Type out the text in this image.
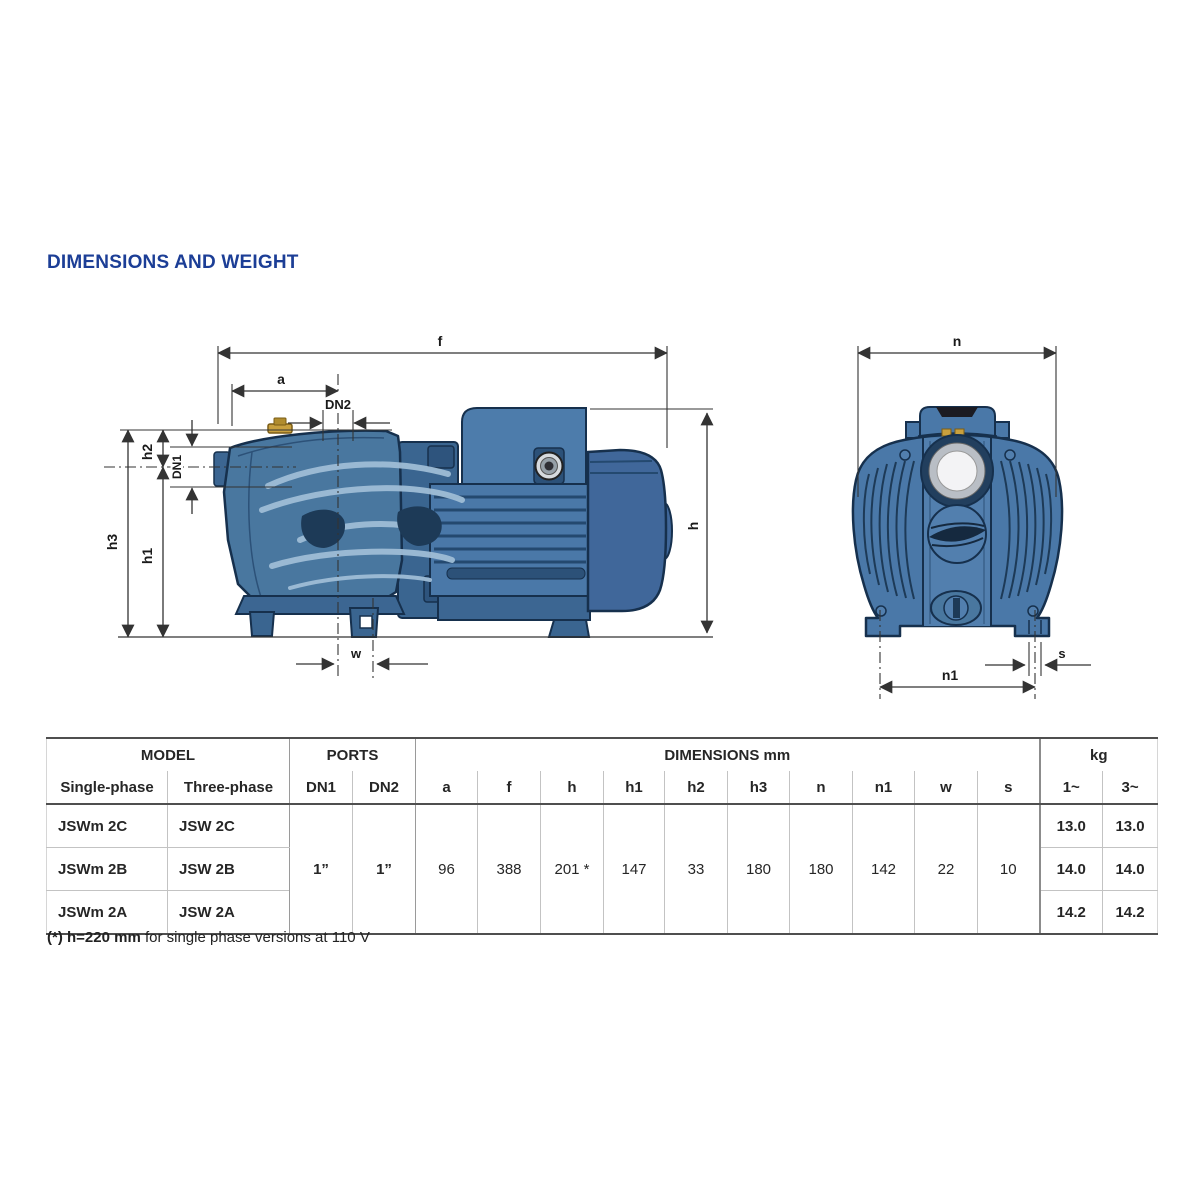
DIMENSIONS AND WEIGHT
f
a
DN2
DN1
h2
h1
h3
w
h
n
n1
s
MODEL		PORTS		DIMENSIONS mm										kg	
Single-phase	Three-phase	DN1	DN2	a	f	h	h1	h2	h3	n	n1	w	s	1~	3~
JSWm 2C	JSW 2C	1”	1”	96	388	201 *	147	33	180	180	142	22	10	13.0	13.0
JSWm 2B	JSW 2B													14.0	14.0
JSWm 2A	JSW 2A													14.2	14.2
(*) h=220 mm for single phase versions at 110 V
